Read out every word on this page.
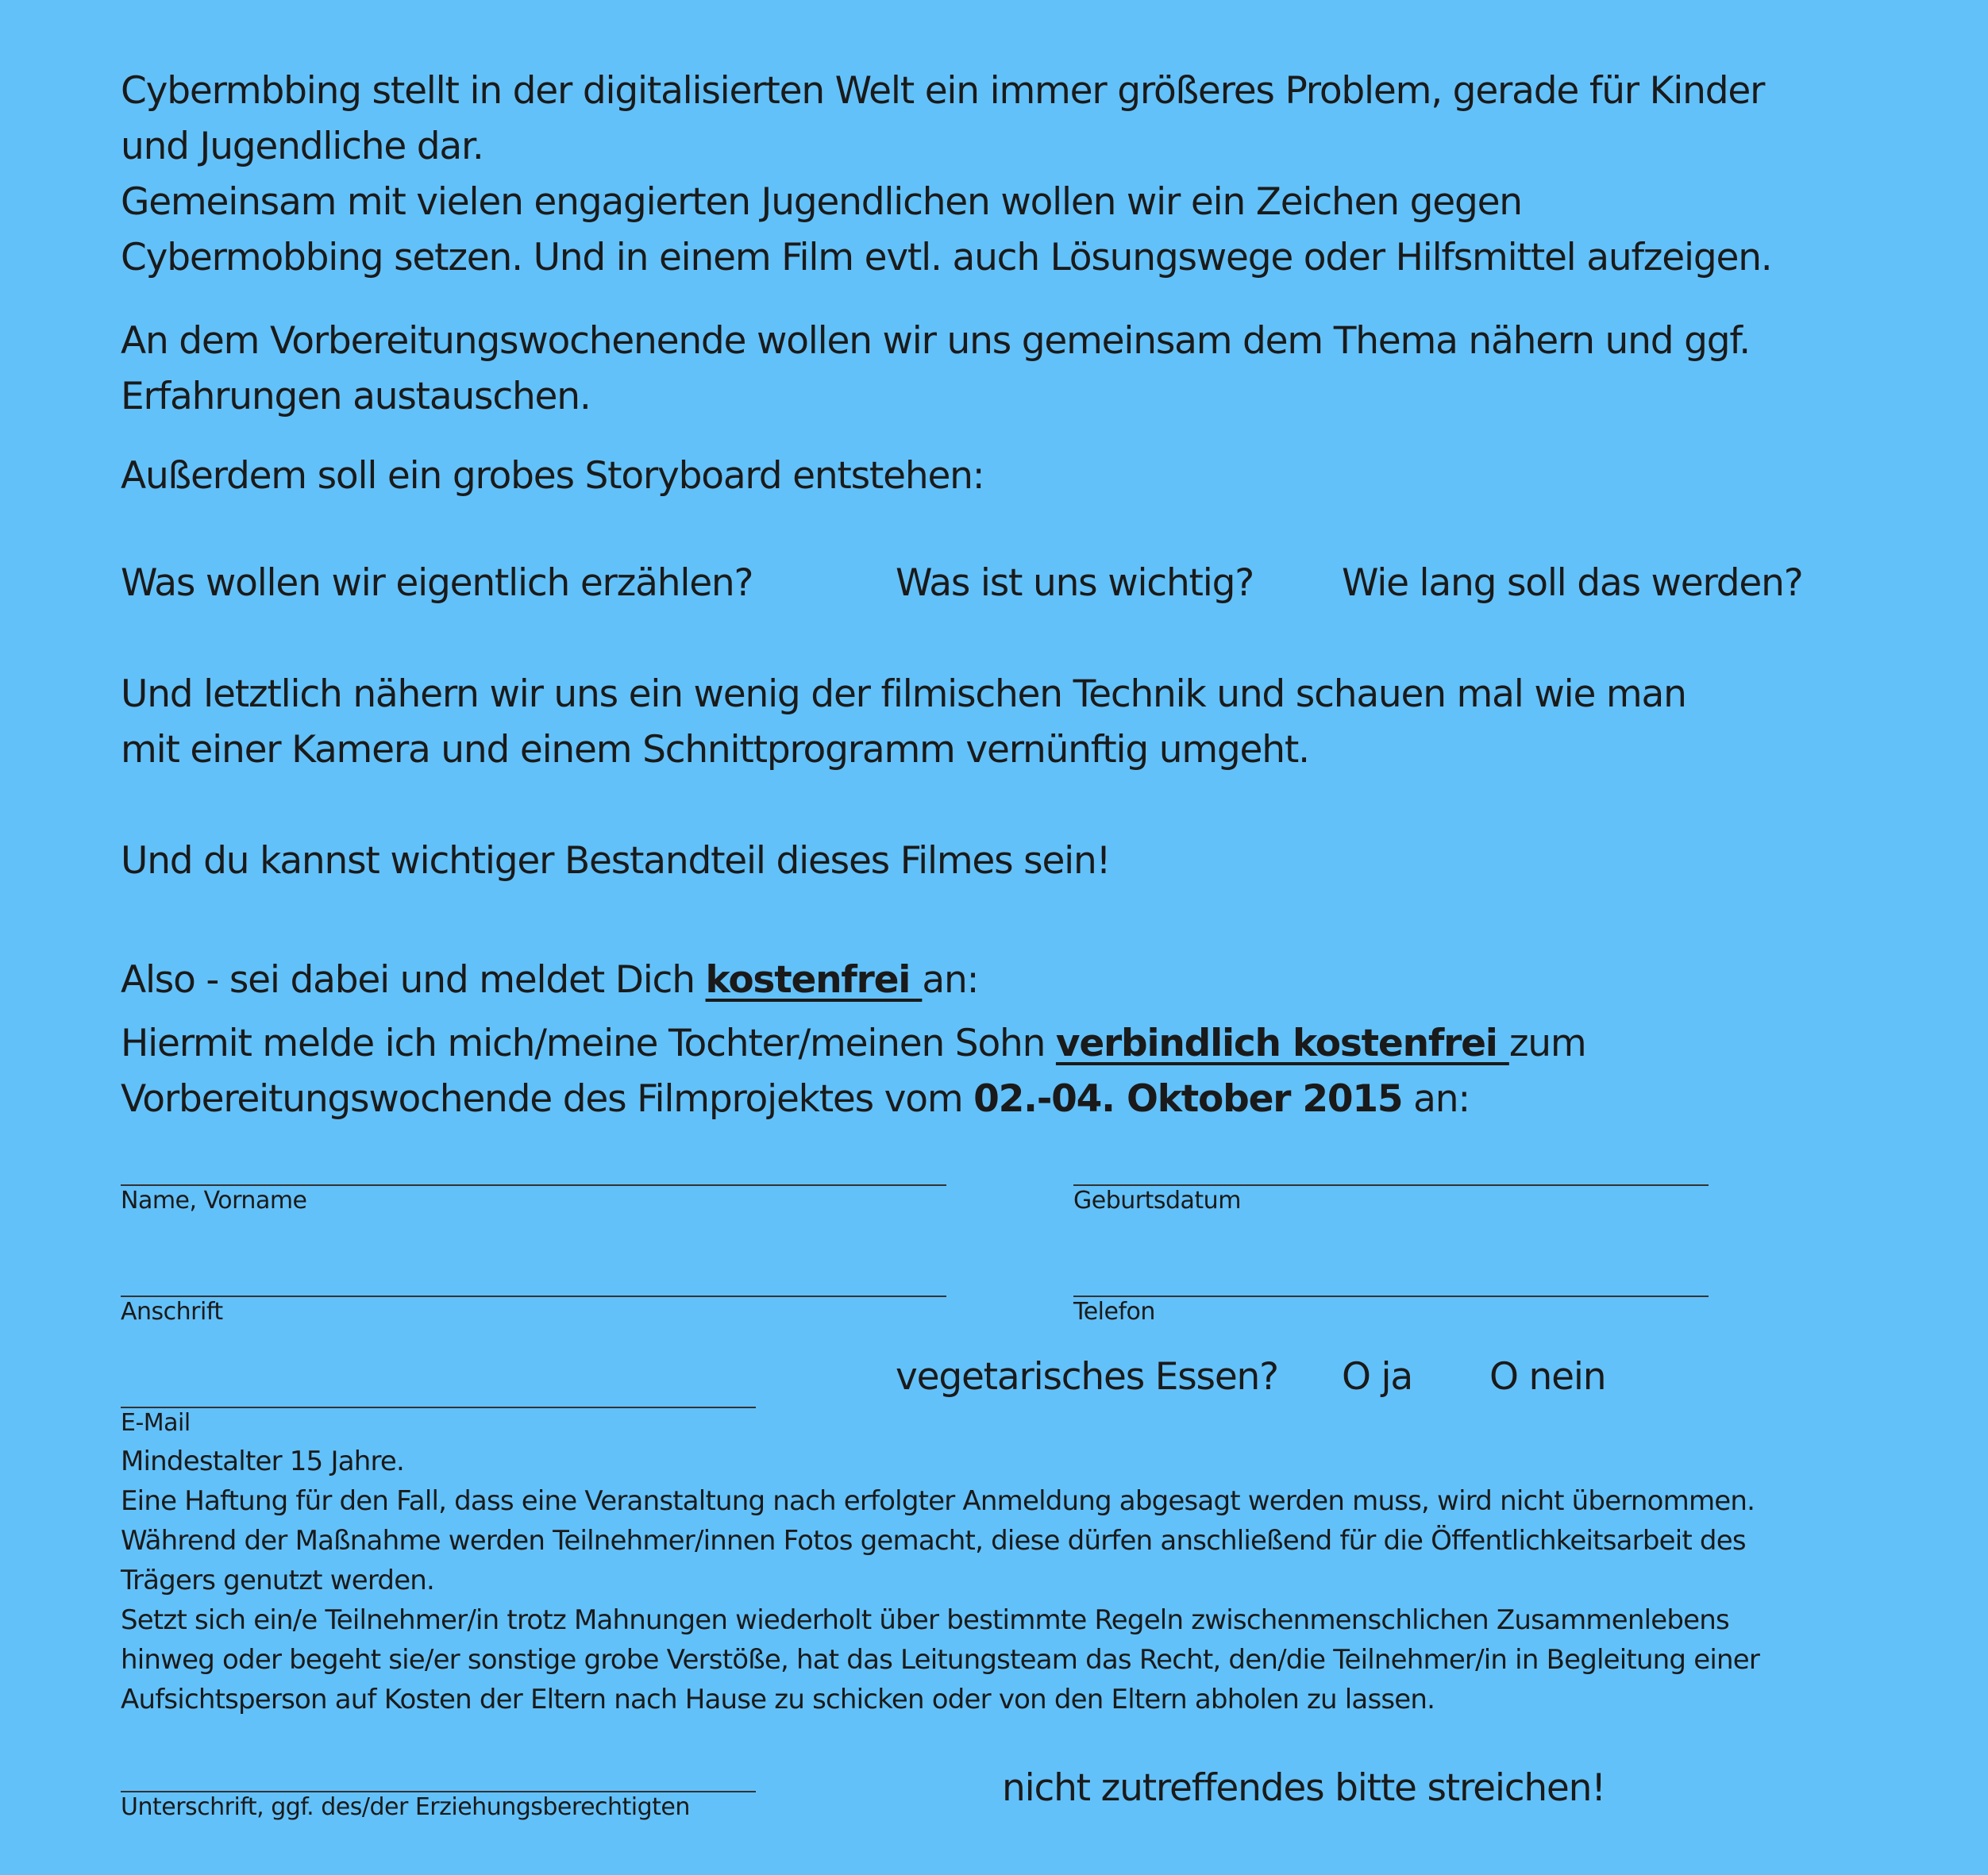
Cybermbbing stellt in der digitalisierten Welt ein immer größeres Problem, gerade für Kinder
und Jugendliche dar.
Gemeinsam mit vielen engagierten Jugendlichen wollen wir ein Zeichen gegen
Cybermobbing setzen. Und in einem Film evtl. auch Lösungswege oder Hilfsmittel aufzeigen.
An dem Vorbereitungswochenende wollen wir uns gemeinsam dem Thema nähern und ggf.
Erfahrungen austauschen.
Außerdem soll ein grobes Storyboard entstehen:
Was wollen wir eigentlich erzählen?	Was ist uns wichtig? Wie lang soll das werden?
Und letztlich nähern wir uns ein wenig der filmischen Technik und schauen mal wie man
mit einer Kamera und einem Schnittprogramm vernünftig umgeht.
Und du kannst wichtiger Bestandteil dieses Filmes sein!
Also - sei dabei und meldet Dich kostenfrei an:
Hiermit melde ich mich/meine Tochter/meinen Sohn verbindlich kostenfrei zum
Vorbereitungswochende des Filmprojektes vom 02.-04. Oktober 2015 an:
Name, Vorname	Geburtsdatum
Anschrift	Telefon
E-Mail
vegetarisches Essen? O ja O nein
Mindestalter 15 Jahre.
Eine Haftung für den Fall, dass eine Veranstaltung nach erfolgter Anmeldung abgesagt werden muss, wird nicht übernommen.
Während der Maßnahme werden Teilnehmer/innen Fotos gemacht, diese dürfen anschließend für die Öffentlichkeitsarbeit des
Trägers genutzt werden.
Setzt sich ein/e Teilnehmer/in trotz Mahnungen wiederholt über bestimmte Regeln zwischenmenschlichen Zusammenlebens
hinweg oder begeht sie/er sonstige grobe Verstöße, hat das Leitungsteam das Recht, den/die Teilnehmer/in in Begleitung einer
Aufsichtsperson auf Kosten der Eltern nach Hause zu schicken oder von den Eltern abholen zu lassen.
Unterschrift, ggf. des/der Erziehungsberechtigten	nicht zutreffendes bitte streichen!
